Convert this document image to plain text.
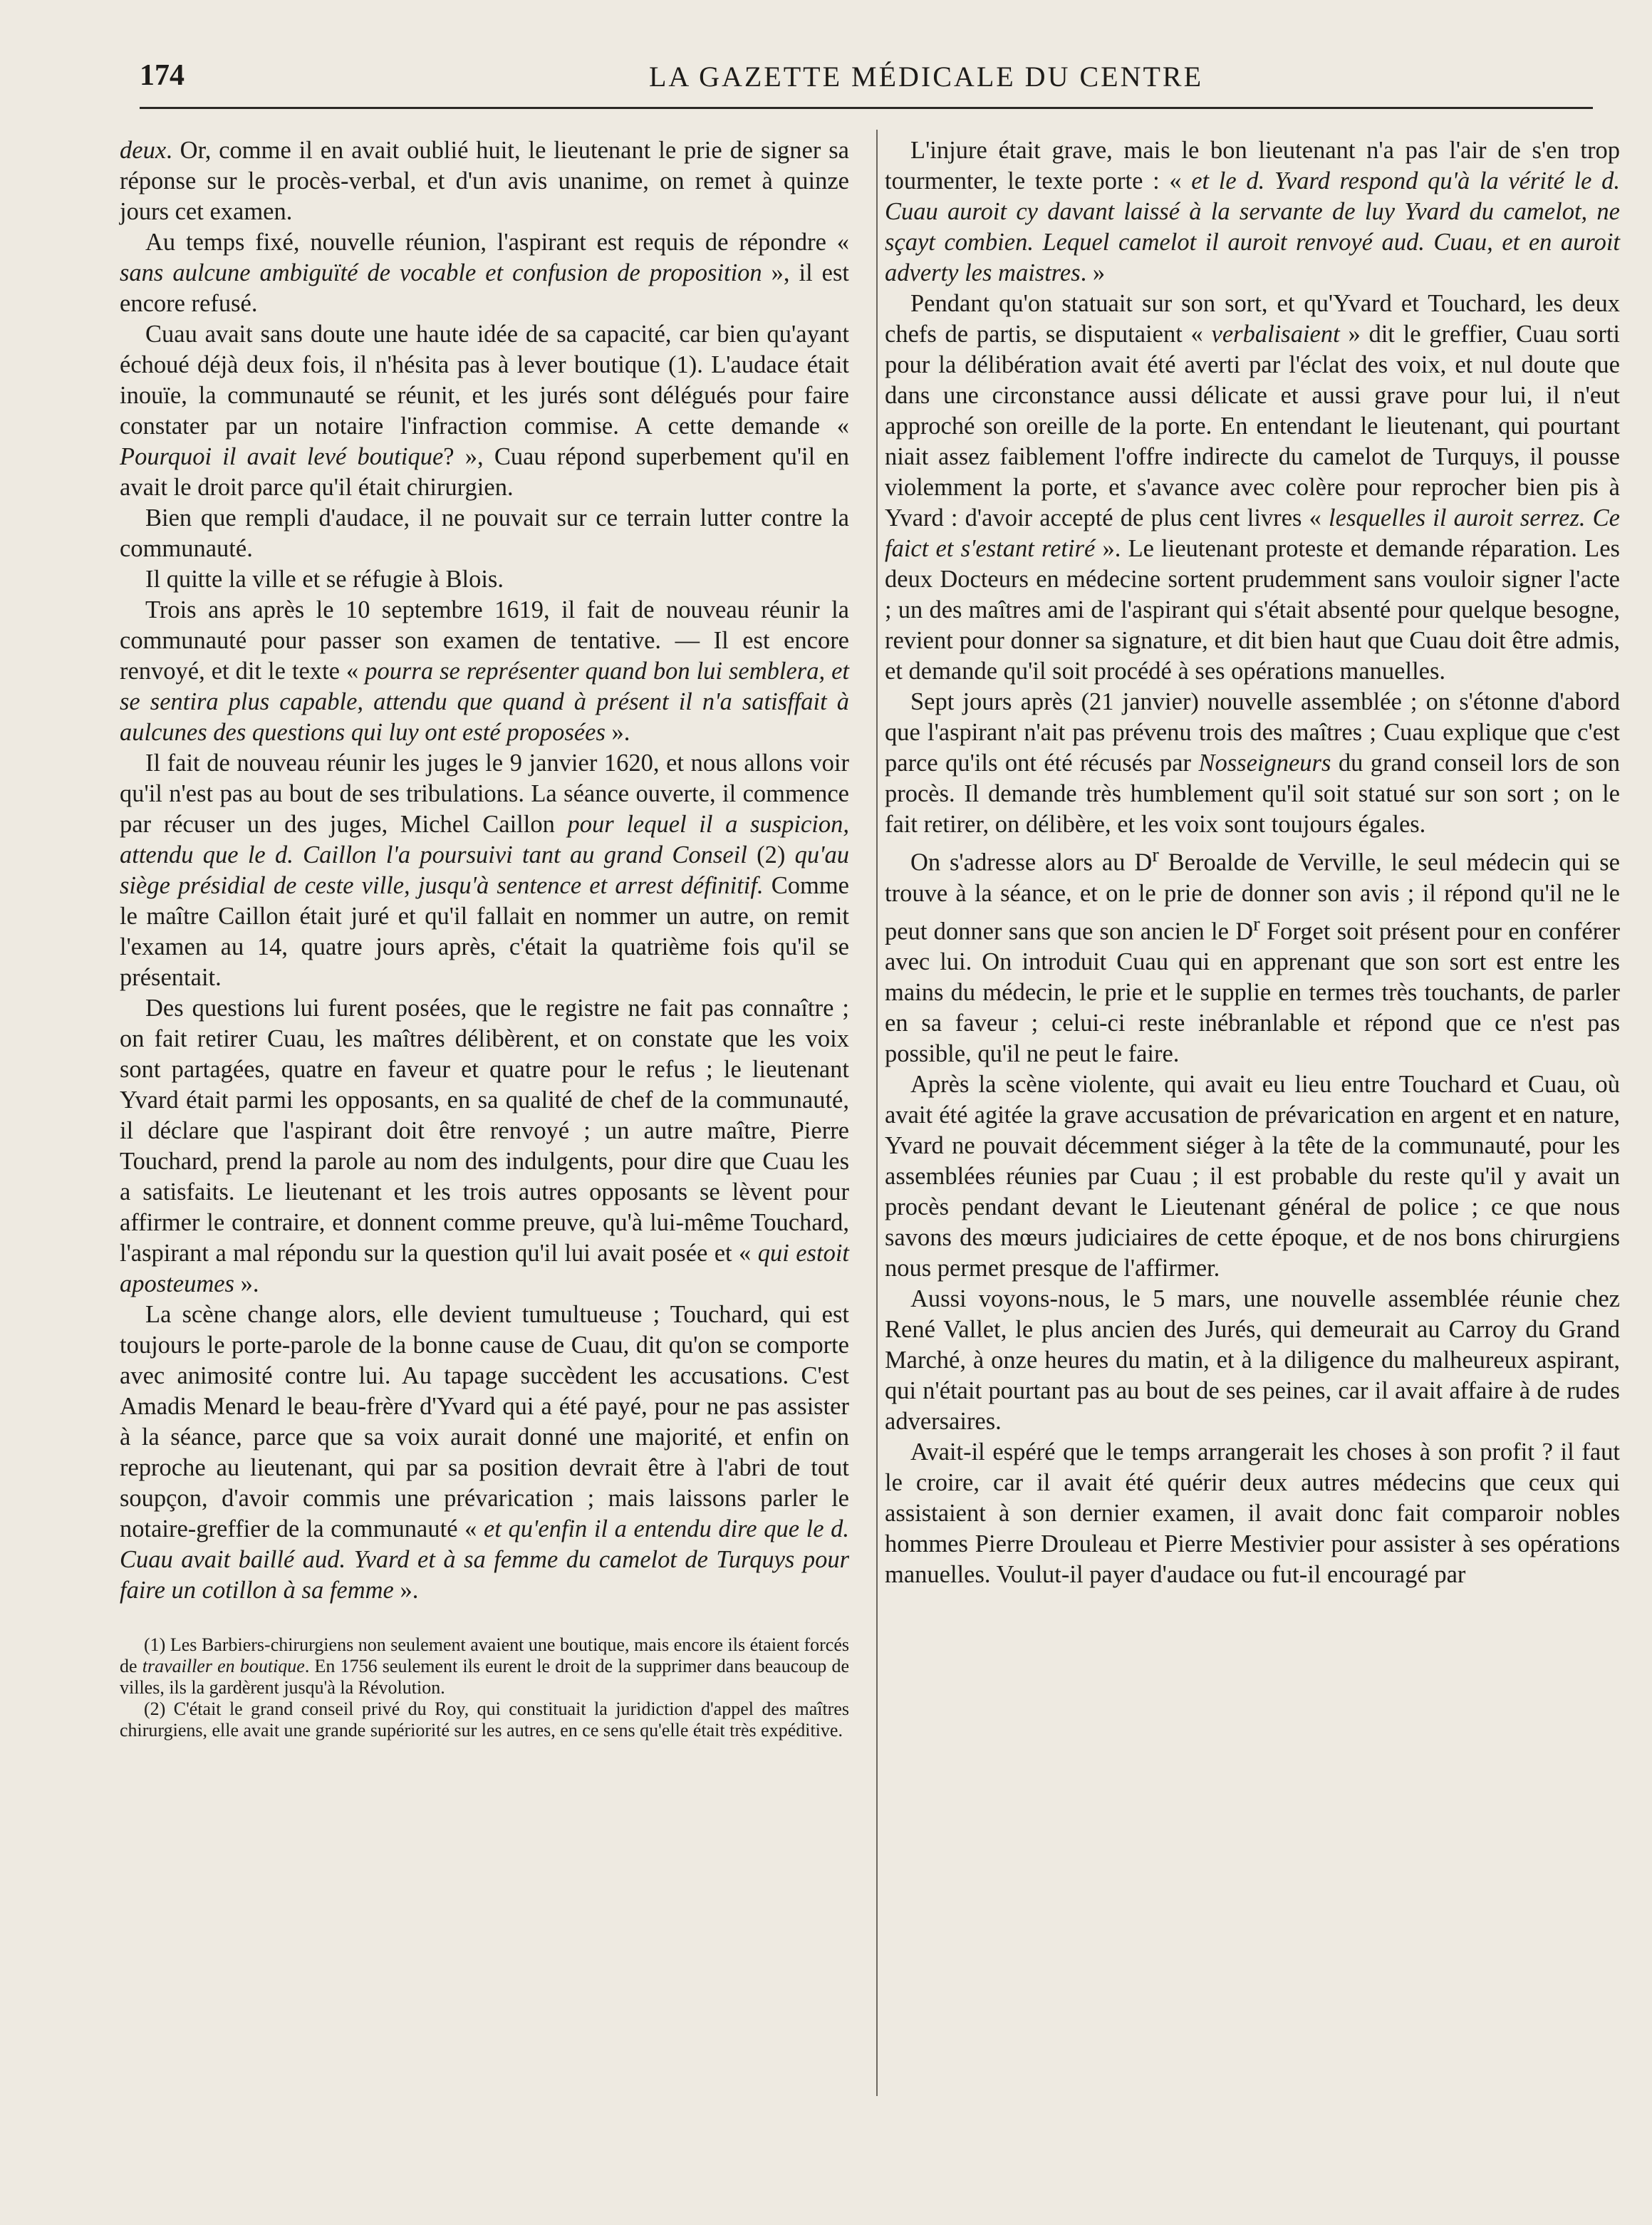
174	LA GAZETTE MÉDICALE DU CENTRE

deux. Or, comme il en avait oublié huit, le lieutenant le prie de signer sa réponse sur le procès-verbal, et d'un avis unanime, on remet à quinze jours cet examen.

Au temps fixé, nouvelle réunion, l'aspirant est requis de répondre « sans aulcune ambiguïté de vocable et confusion de proposition », il est encore refusé.

Cuau avait sans doute une haute idée de sa capacité, car bien qu'ayant échoué déjà deux fois, il n'hésita pas à lever boutique (1). L'audace était inouïe, la communauté se réunit, et les jurés sont délégués pour faire constater par un notaire l'infraction commise. A cette demande « Pourquoi il avait levé boutique? », Cuau répond superbement qu'il en avait le droit parce qu'il était chirurgien.

Bien que rempli d'audace, il ne pouvait sur ce terrain lutter contre la communauté.

Il quitte la ville et se réfugie à Blois.

Trois ans après le 10 septembre 1619, il fait de nouveau réunir la communauté pour passer son examen de tentative. — Il est encore renvoyé, et dit le texte « pourra se représenter quand bon lui semblera, et se sentira plus capable, attendu que quand à présent il n'a satisffait à aulcunes des questions qui luy ont esté proposées ».

Il fait de nouveau réunir les juges le 9 janvier 1620, et nous allons voir qu'il n'est pas au bout de ses tribulations. La séance ouverte, il commence par récuser un des juges, Michel Caillon pour lequel il a suspicion, attendu que le d. Caillon l'a poursuivi tant au grand Conseil (2) qu'au siège présidial de ceste ville, jusqu'à sentence et arrest définitif. Comme le maître Caillon était juré et qu'il fallait en nommer un autre, on remit l'examen au 14, quatre jours après, c'était la quatrième fois qu'il se présentait.

Des questions lui furent posées, que le registre ne fait pas connaître ; on fait retirer Cuau, les maîtres délibèrent, et on constate que les voix sont partagées, quatre en faveur et quatre pour le refus ; le lieutenant Yvard était parmi les opposants, en sa qualité de chef de la communauté, il déclare que l'aspirant doit être renvoyé ; un autre maître, Pierre Touchard, prend la parole au nom des indulgents, pour dire que Cuau les a satisfaits. Le lieutenant et les trois autres opposants se lèvent pour affirmer le contraire, et donnent comme preuve, qu'à lui-même Touchard, l'aspirant a mal répondu sur la question qu'il lui avait posée et « qui estoit aposteumes ».

La scène change alors, elle devient tumultueuse ; Touchard, qui est toujours le porte-parole de la bonne cause de Cuau, dit qu'on se comporte avec animosité contre lui. Au tapage succèdent les accusations. C'est Amadis Menard le beau-frère d'Yvard qui a été payé, pour ne pas assister à la séance, parce que sa voix aurait donné une majorité, et enfin on reproche au lieutenant, qui par sa position devrait être à l'abri de tout soupçon, d'avoir commis une prévarication ; mais laissons parler le notaire-greffier de la communauté « et qu'enfin il a entendu dire que le d. Cuau avait baillé aud. Yvard et à sa femme du camelot de Turquys pour faire un cotillon à sa femme ».

(1) Les Barbiers-chirurgiens non seulement avaient une boutique, mais encore ils étaient forcés de travailler en boutique. En 1756 seulement ils eurent le droit de la supprimer dans beaucoup de villes, ils la gardèrent jusqu'à la Révolution.

(2) C'était le grand conseil privé du Roy, qui constituait la juridiction d'appel des maîtres chirurgiens, elle avait une grande supériorité sur les autres, en ce sens qu'elle était très expéditive.

L'injure était grave, mais le bon lieutenant n'a pas l'air de s'en trop tourmenter, le texte porte : « et le d. Yvard respond qu'à la vérité le d. Cuau auroit cy davant laissé à la servante de luy Yvard du camelot, ne sçayt combien. Lequel camelot il auroit renvoyé aud. Cuau, et en auroit adverty les maistres. »

Pendant qu'on statuait sur son sort, et qu'Yvard et Touchard, les deux chefs de partis, se disputaient « verbalisaient » dit le greffier, Cuau sorti pour la délibération avait été averti par l'éclat des voix, et nul doute que dans une circonstance aussi délicate et aussi grave pour lui, il n'eut approché son oreille de la porte. En entendant le lieutenant, qui pourtant niait assez faiblement l'offre indirecte du camelot de Turquys, il pousse violemment la porte, et s'avance avec colère pour reprocher bien pis à Yvard : d'avoir accepté de plus cent livres « lesquelles il auroit serrez. Ce faict et s'estant retiré ». Le lieutenant proteste et demande réparation. Les deux Docteurs en médecine sortent prudemment sans vouloir signer l'acte ; un des maîtres ami de l'aspirant qui s'était absenté pour quelque besogne, revient pour donner sa signature, et dit bien haut que Cuau doit être admis, et demande qu'il soit procédé à ses opérations manuelles.

Sept jours après (21 janvier) nouvelle assemblée ; on s'étonne d'abord que l'aspirant n'ait pas prévenu trois des maîtres ; Cuau explique que c'est parce qu'ils ont été récusés par Nosseigneurs du grand conseil lors de son procès. Il demande très humblement qu'il soit statué sur son sort ; on le fait retirer, on délibère, et les voix sont toujours égales.

On s'adresse alors au $D^r$ Beroalde de Verville, le seul médecin qui se trouve à la séance, et on le prie de donner son avis ; il répond qu'il ne le peut donner sans que son ancien le $D^r$ Forget soit présent pour en conférer avec lui. On introduit Cuau qui en apprenant que son sort est entre les mains du médecin, le prie et le supplie en termes très touchants, de parler en sa faveur ; celui-ci reste inébranlable et répond que ce n'est pas possible, qu'il ne peut le faire.

Après la scène violente, qui avait eu lieu entre Touchard et Cuau, où avait été agitée la grave accusation de prévarication en argent et en nature, Yvard ne pouvait décemment siéger à la tête de la communauté, pour les assemblées réunies par Cuau ; il est probable du reste qu'il y avait un procès pendant devant le Lieutenant général de police ; ce que nous savons des mœurs judiciaires de cette époque, et de nos bons chirurgiens nous permet presque de l'affirmer.

Aussi voyons-nous, le 5 mars, une nouvelle assemblée réunie chez René Vallet, le plus ancien des Jurés, qui demeurait au Carroy du Grand Marché, à onze heures du matin, et à la diligence du malheureux aspirant, qui n'était pourtant pas au bout de ses peines, car il avait affaire à de rudes adversaires.

Avait-il espéré que le temps arrangerait les choses à son profit ? il faut le croire, car il avait été quérir deux autres médecins que ceux qui assistaient à son dernier examen, il avait donc fait comparoir nobles hommes Pierre Drouleau et Pierre Mestivier pour assister à ses opérations manuelles. Voulut-il payer d'audace ou fut-il encouragé par
